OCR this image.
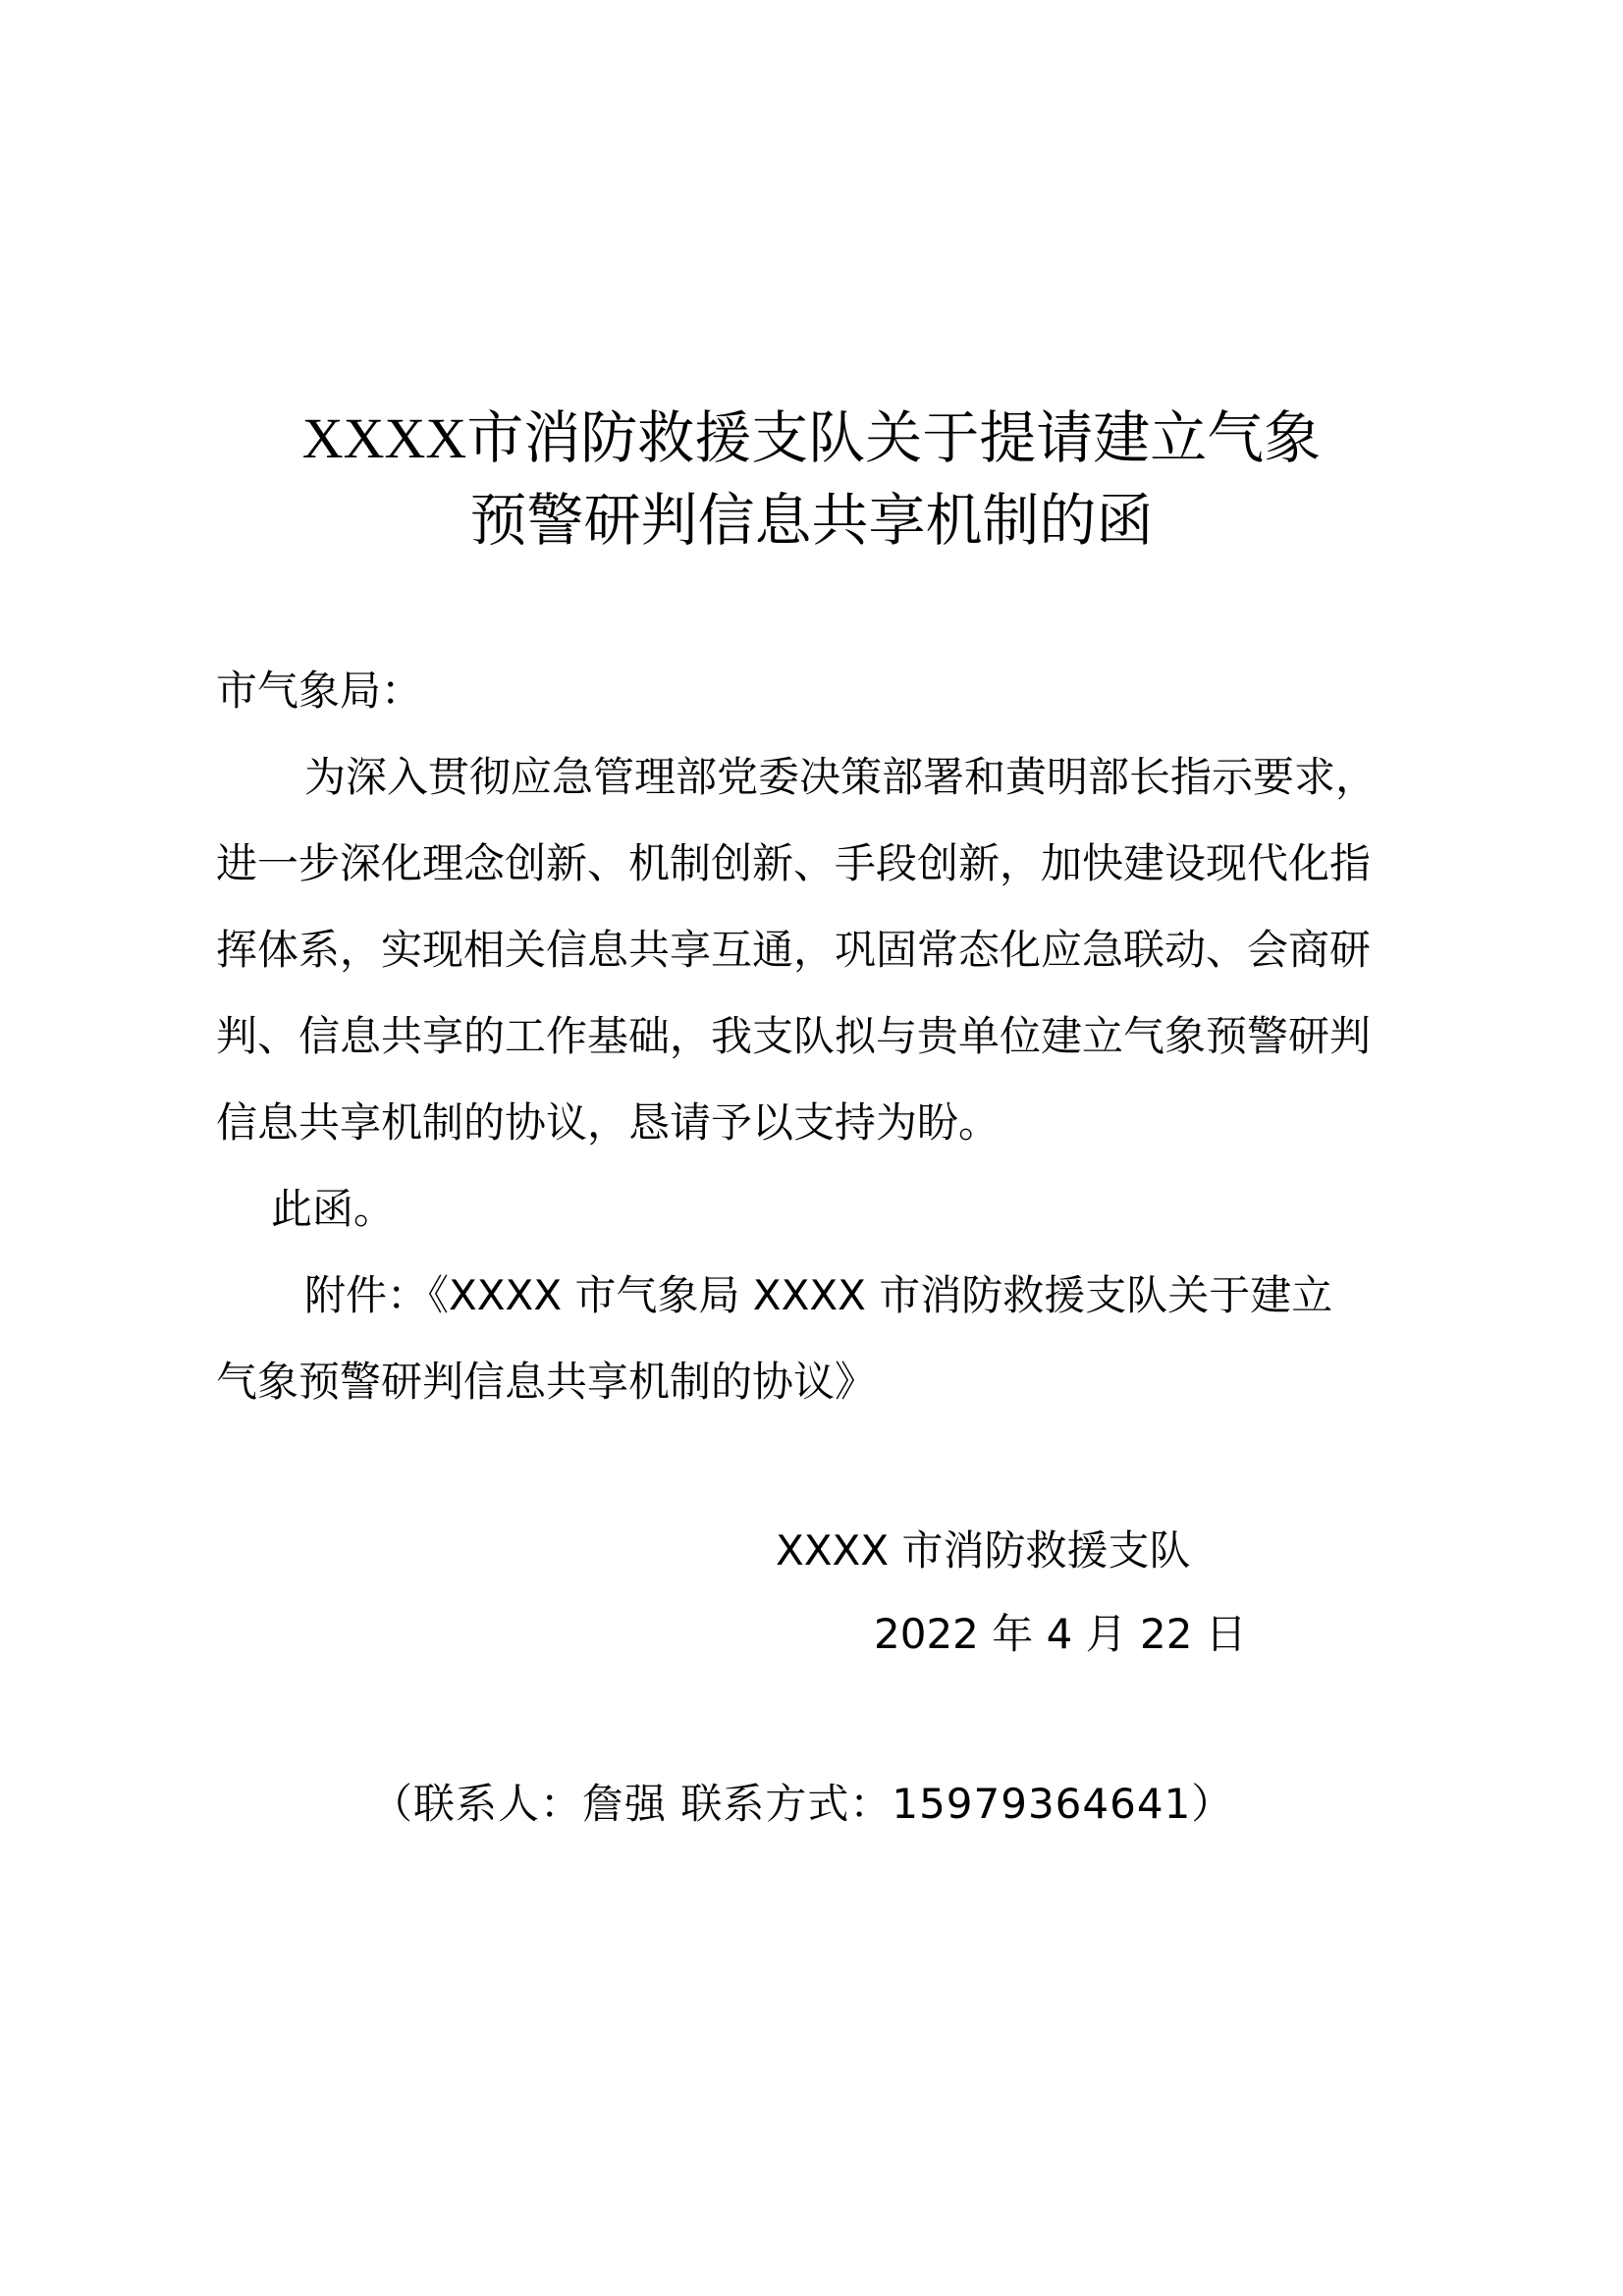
XXXX市消防救援支队关于提请建立气象
预警研判信息共享机制的函
市气象局：
为深入贯彻应急管理部党委决策部署和黄明部长指示要求，
进一步深化理念创新、机制创新、手段创新，加快建设现代化指
挥体系，实现相关信息共享互通，巩固常态化应急联动、会商研
判、信息共享的工作基础，我支队拟与贵单位建立气象预警研判
信息共享机制的协议，恳请予以支持为盼。
此函。
附件：《XXXX 市气象局 XXXX 市消防救援支队关于建立
气象预警研判信息共享机制的协议》
XXXX 市消防救援支队
2022 年 4 月 22 日
（联系人：詹强 联系方式：15979364641）
